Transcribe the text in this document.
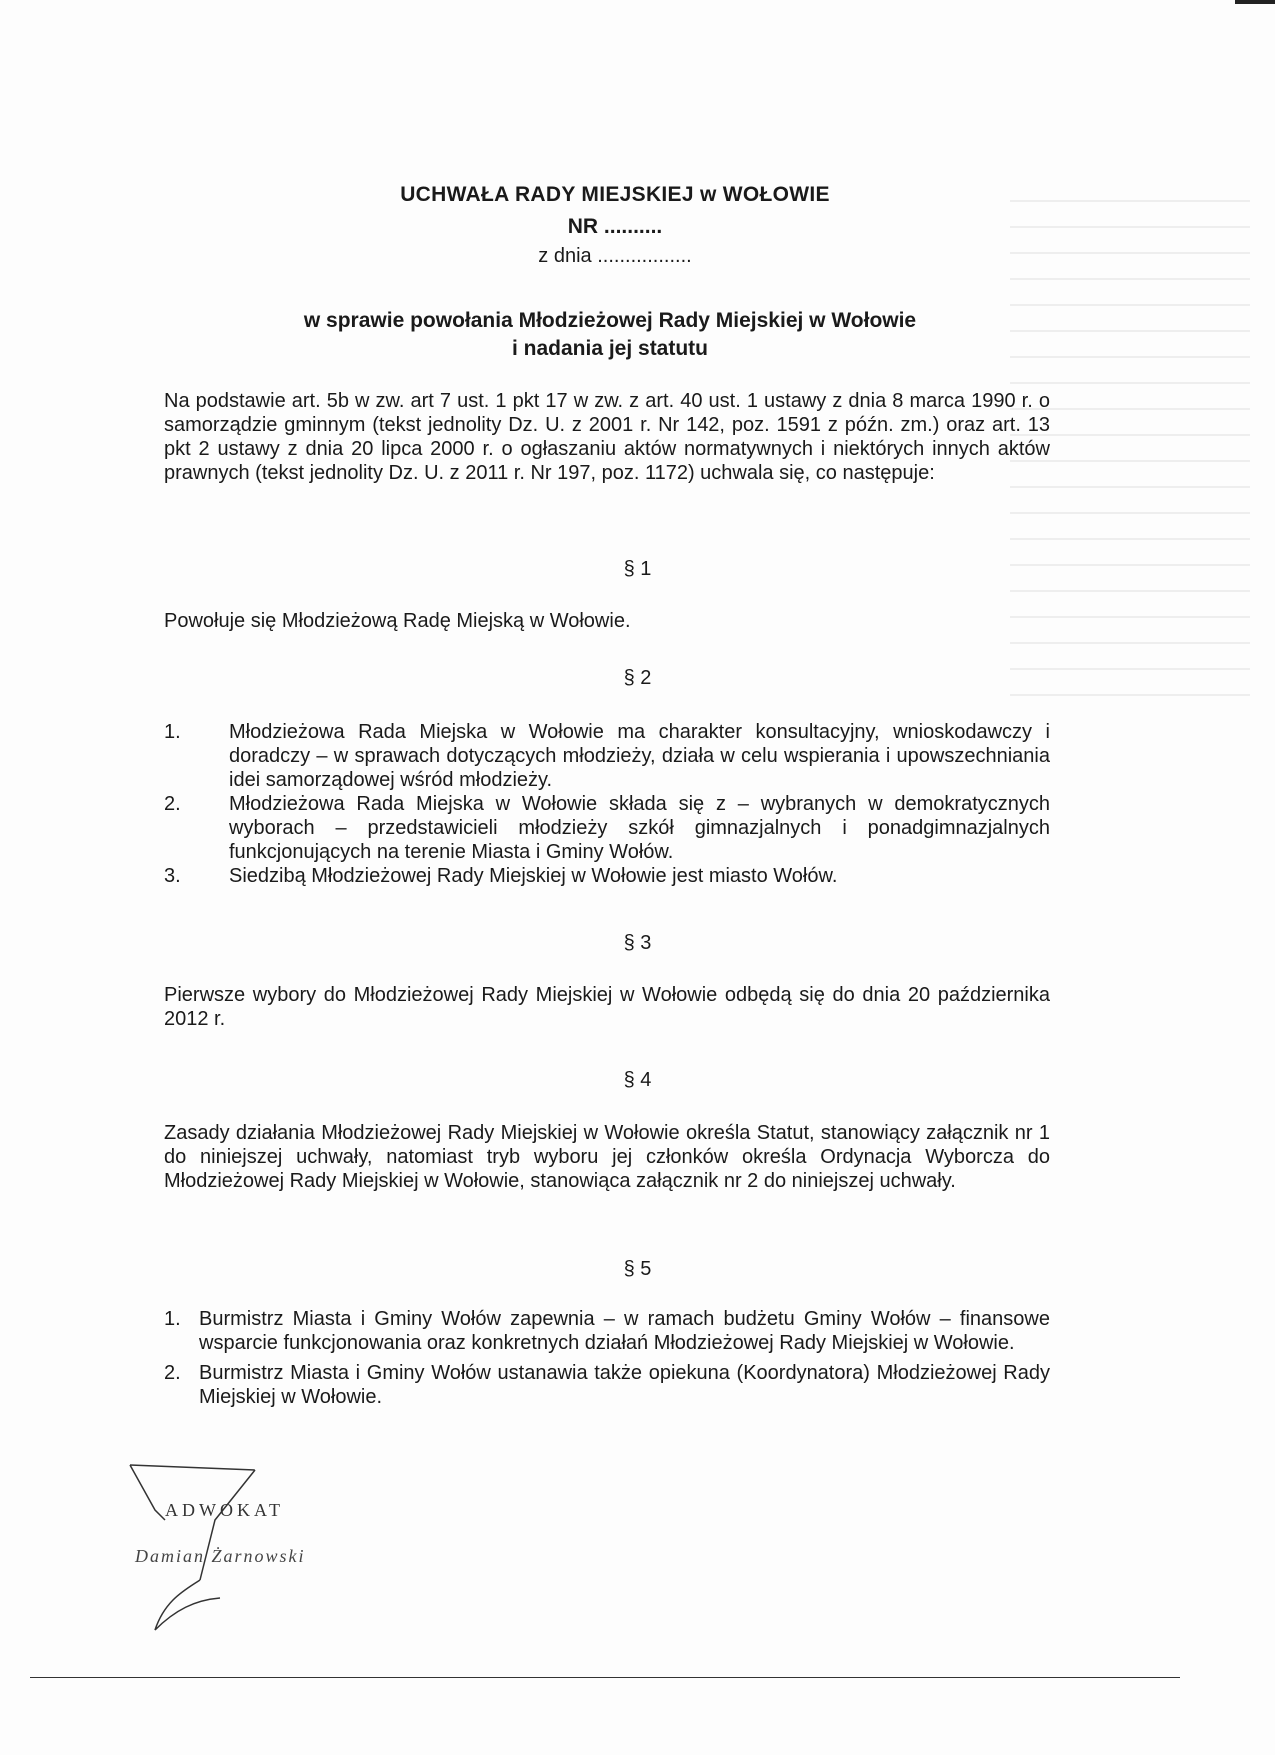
UCHWAŁA RADY MIEJSKIEJ w WOŁOWIE
NR ..........
z dnia .................
w sprawie powołania Młodzieżowej Rady Miejskiej w Wołowie
i nadania jej statutu

Na podstawie art. 5b w zw. art 7 ust. 1 pkt 17 w zw. z art. 40 ust. 1 ustawy z dnia 8 marca 1990 r. o samorządzie gminnym (tekst jednolity Dz. U. z 2001 r. Nr 142, poz. 1591 z późn. zm.) oraz art. 13 pkt 2 ustawy z dnia 20 lipca 2000 r. o ogłaszaniu aktów normatywnych i niektórych innych aktów prawnych (tekst jednolity Dz. U. z 2011 r. Nr 197, poz. 1172) uchwala się, co następuje:

§ 1

Powołuje się Młodzieżową Radę Miejską w Wołowie.

§ 2
1.	Młodzieżowa Rada Miejska w Wołowie ma charakter konsultacyjny, wnioskodawczy i doradczy – w sprawach dotyczących młodzieży, działa w celu wspierania i upowszechniania idei samorządowej wśród młodzieży.
2.	Młodzieżowa Rada Miejska w Wołowie składa się z – wybranych w demokratycznych wyborach – przedstawicieli młodzieży szkół gimnazjalnych i ponadgimnazjalnych funkcjonujących na terenie Miasta i Gminy Wołów.
3.	Siedzibą Młodzieżowej Rady Miejskiej w Wołowie jest miasto Wołów.
§ 3

Pierwsze wybory do Młodzieżowej Rady Miejskiej w Wołowie odbędą się do dnia 20 października 2012 r.

§ 4

Zasady działania Młodzieżowej Rady Miejskiej w Wołowie określa Statut, stanowiący załącznik nr 1 do niniejszej uchwały, natomiast tryb wyboru jej członków określa Ordynacja Wyborcza do Młodzieżowej Rady Miejskiej w Wołowie, stanowiąca załącznik nr 2 do niniejszej uchwały.

§ 5
1. Burmistrz Miasta i Gminy Wołów zapewnia – w ramach budżetu Gminy Wołów – finansowe wsparcie funkcjonowania oraz konkretnych działań Młodzieżowej Rady Miejskiej w Wołowie.
2. Burmistrz Miasta i Gminy Wołów ustanawia także opiekuna (Koordynatora) Młodzieżowej Rady Miejskiej w Wołowie.
ADWOKAT
Damian Żarnowski
